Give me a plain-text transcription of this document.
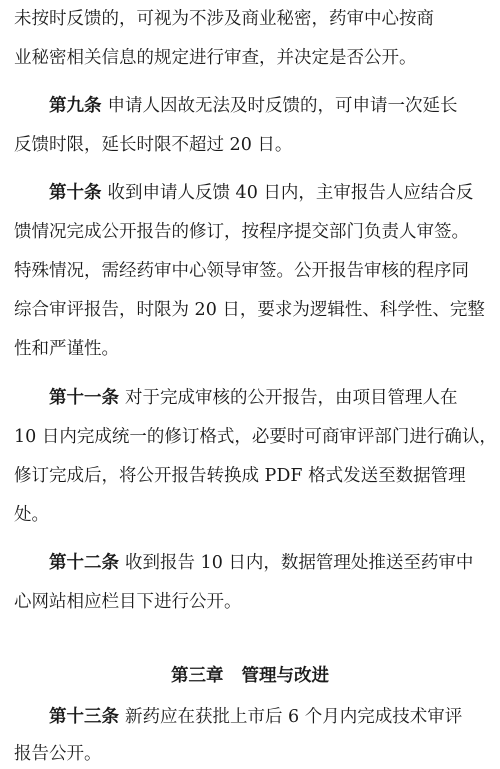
未按时反馈的，可视为不涉及商业秘密，药审中心按商
业秘密相关信息的规定进行审查，并决定是否公开。
第九条 申请人因故无法及时反馈的，可申请一次延长
反馈时限，延长时限不超过 20 日。
第十条 收到申请人反馈 40 日内，主审报告人应结合反
馈情况完成公开报告的修订，按程序提交部门负责人审签。
特殊情况，需经药审中心领导审签。公开报告审核的程序同
综合审评报告，时限为 20 日，要求为逻辑性、科学性、完整
性和严谨性。
第十一条 对于完成审核的公开报告，由项目管理人在
10 日内完成统一的修订格式，必要时可商审评部门进行确认，
修订完成后，将公开报告转换成 PDF 格式发送至数据管理
处。
第十二条 收到报告 10 日内，数据管理处推送至药审中
心网站相应栏目下进行公开。
第三章 管理与改进
第十三条 新药应在获批上市后 6 个月内完成技术审评
报告公开。
